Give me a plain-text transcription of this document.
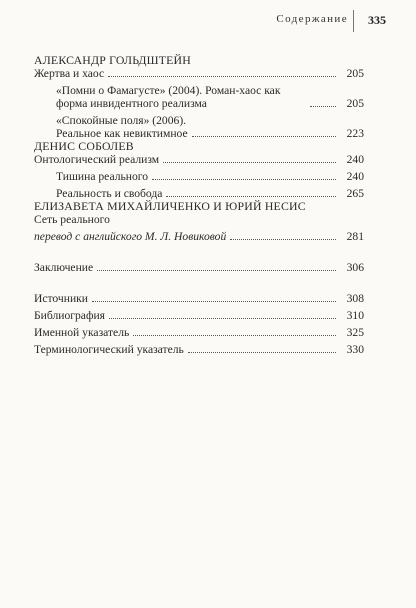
Содержание 335
АЛЕКСАНДР ГОЛЬДШТЕЙН
Жертва и хаос	205
«Помни о Фамагусте» (2004). Роман-хаос как форма инвидентного реализма	205
«Спокойные поля» (2006).
Реальное как невиктимное	223
ДЕНИС СОБОЛЕВ
Онтологический реализм	240
Тишина реального	240
Реальность и свобода	265
ЕЛИЗАВЕТА МИХАЙЛИЧЕНКО И ЮРИЙ НЕСИС
Сеть реального
перевод с английского М. Л. Новиковой	281
Заключение	306
Источники	308
Библиография	310
Именной указатель	325
Терминологический указатель	330
